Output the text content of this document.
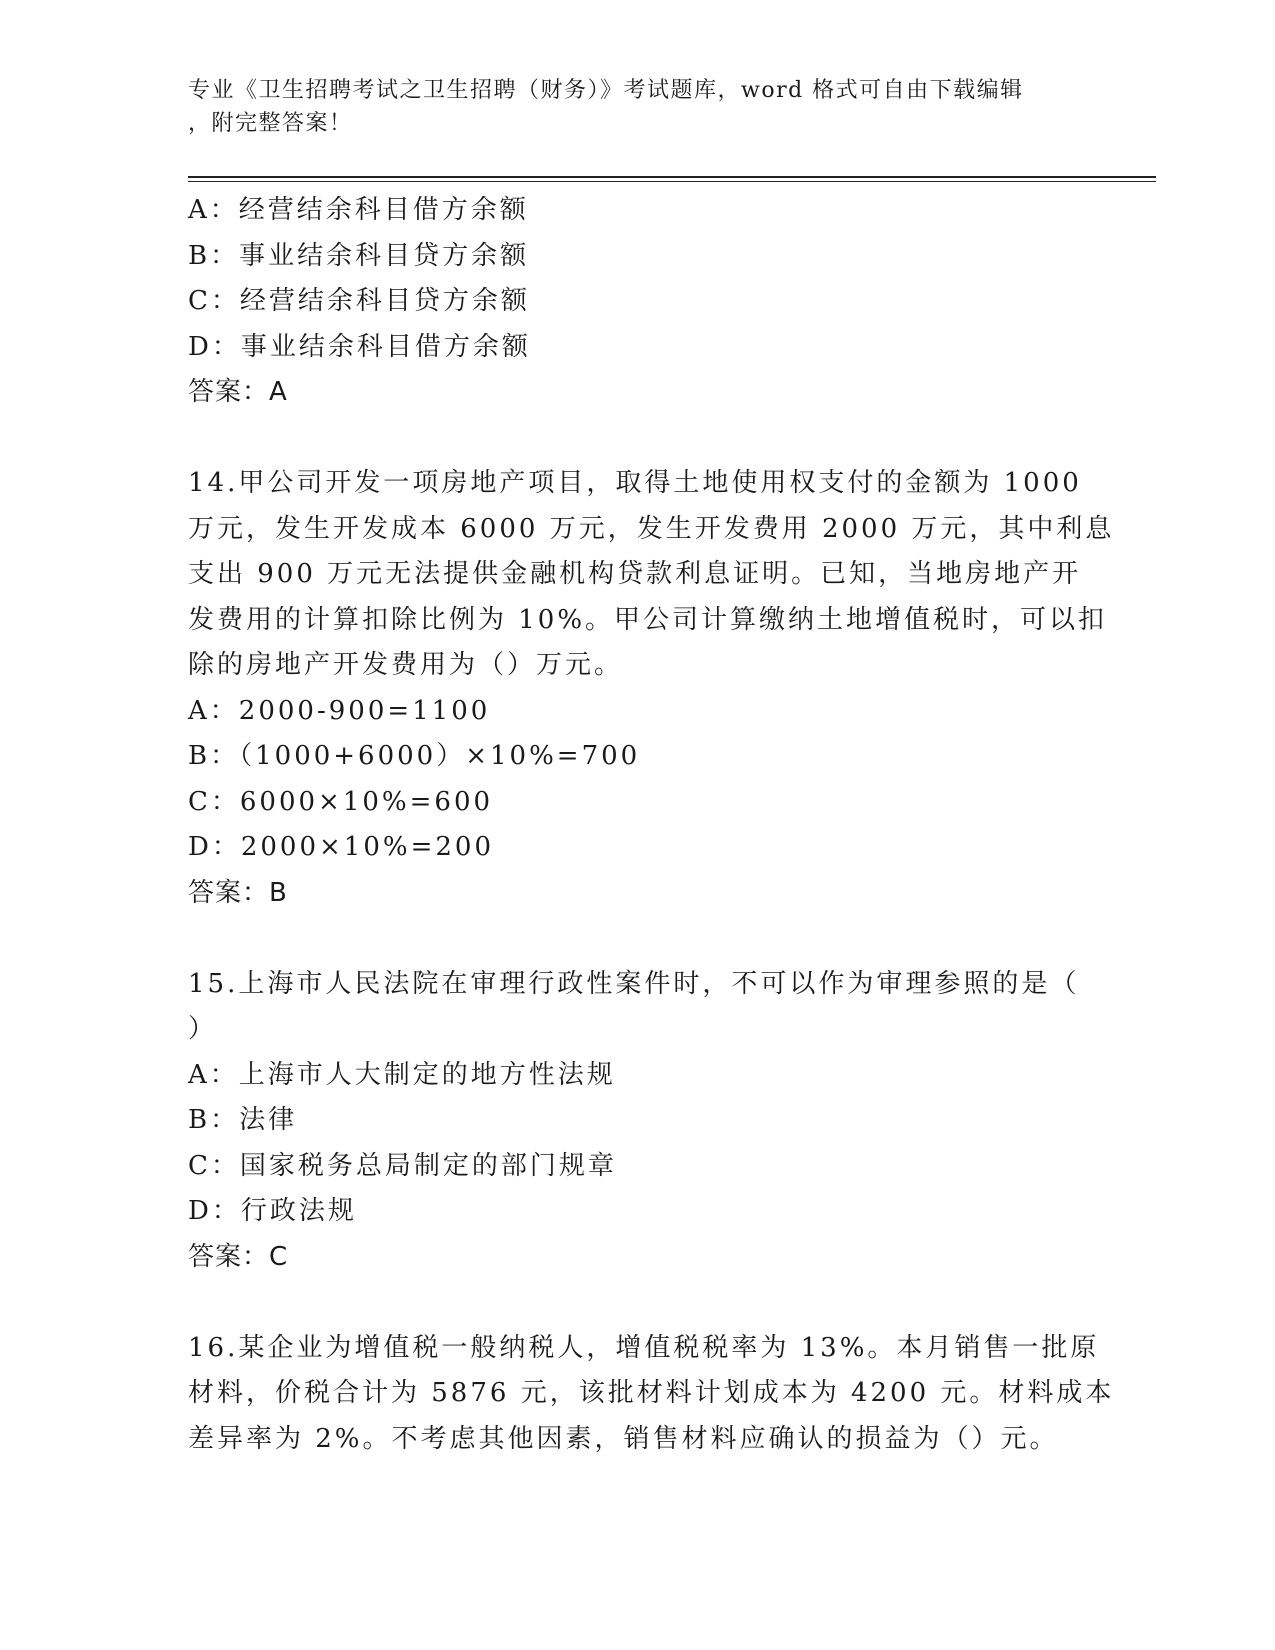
专业《卫生招聘考试之卫生招聘（财务）》考试题库，word 格式可自由下载编辑
，附完整答案！
A：经营结余科目借方余额
B：事业结余科目贷方余额
C：经营结余科目贷方余额
D：事业结余科目借方余额
答案：A
14.甲公司开发一项房地产项目，取得土地使用权支付的金额为 1000
万元，发生开发成本 6000 万元，发生开发费用 2000 万元，其中利息
支出 900 万元无法提供金融机构贷款利息证明。已知，当地房地产开
发费用的计算扣除比例为 10%。甲公司计算缴纳土地增值税时，可以扣
除的房地产开发费用为（）万元。
A：2000-900=1100
B：（1000+6000）×10%=700
C：6000×10%=600
D：2000×10%=200
答案：B
15.上海市人民法院在审理行政性案件时，不可以作为审理参照的是（
）
A：上海市人大制定的地方性法规
B：法律
C：国家税务总局制定的部门规章
D：行政法规
答案：C
16.某企业为增值税一般纳税人，增值税税率为 13%。本月销售一批原
材料，价税合计为 5876 元，该批材料计划成本为 4200 元。材料成本
差异率为 2%。不考虑其他因素，销售材料应确认的损益为（）元。
